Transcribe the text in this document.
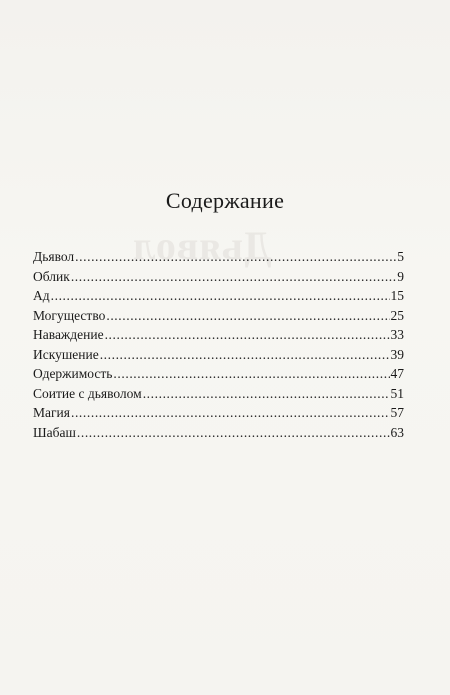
Дьявол
Содержание
Дьявол .....	5
Облик .....	9
Ад .....	15
Могущество .....	25
Наваждение .....	33
Искушение .....	39
Одержимость .....	47
Соитие с дьяволом .....	51
Магия .....	57
Шабаш .....	63
